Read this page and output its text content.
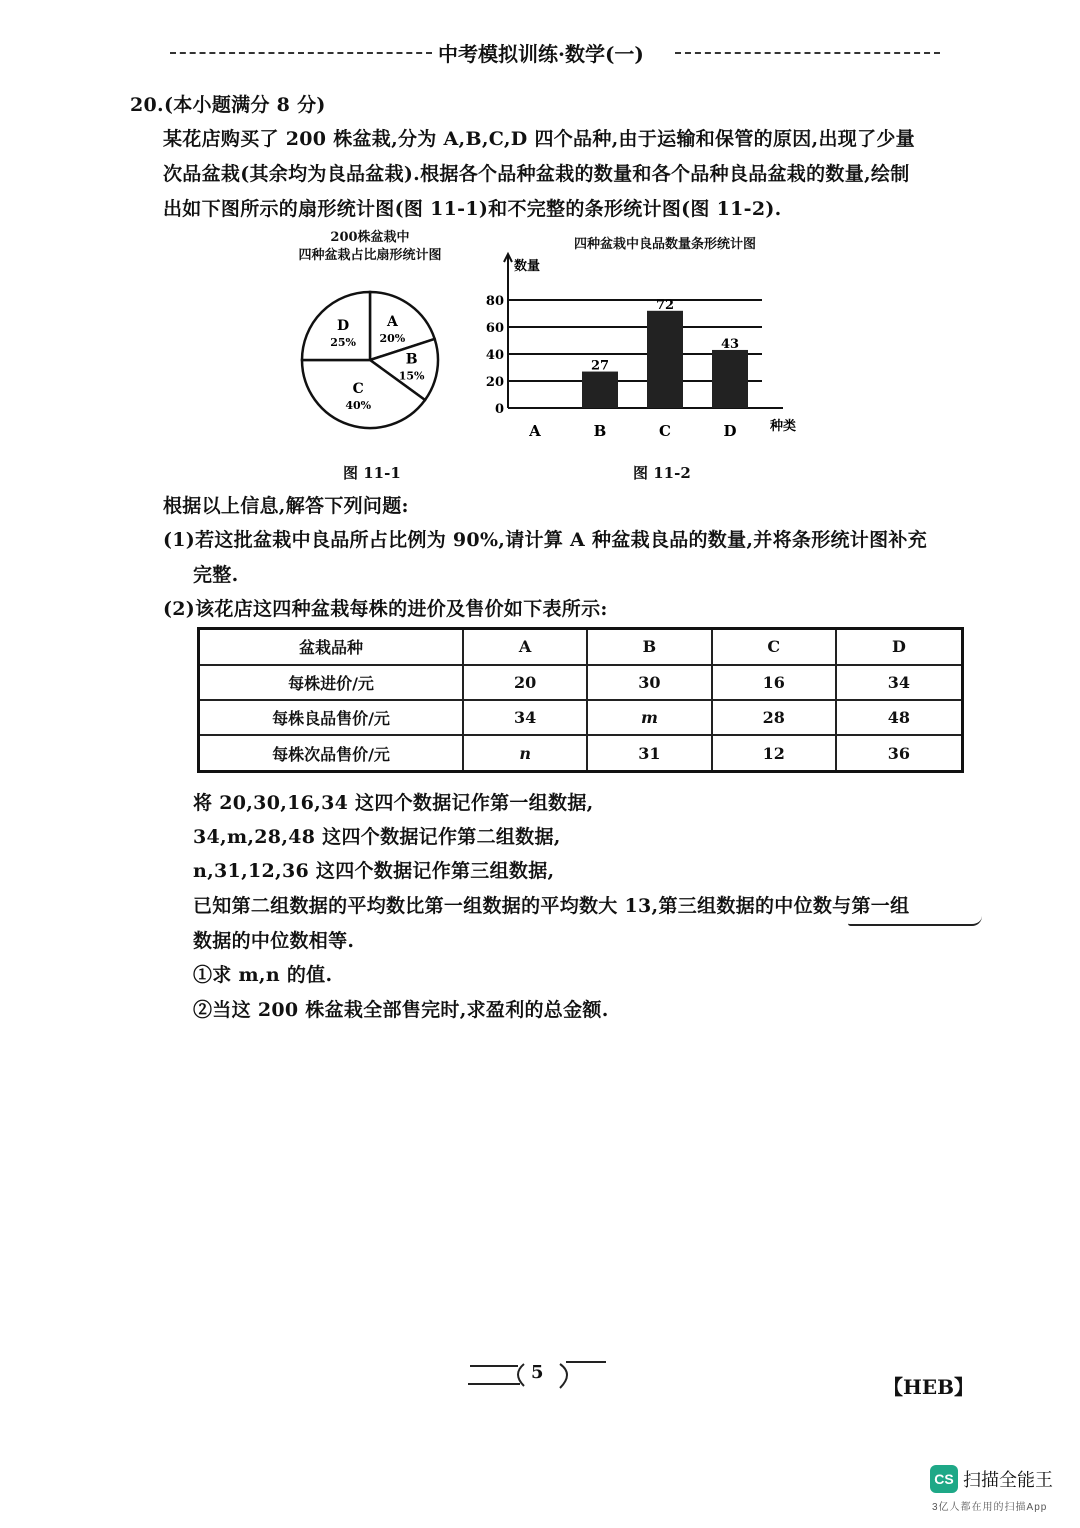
中考模拟训练·数学(一)
20.(本小题满分 8 分)
某花店购买了 200 株盆栽,分为 A,B,C,D 四个品种,由于运输和保管的原因,出现了少量
次品盆栽(其余均为良品盆栽).根据各个品种盆栽的数量和各个品种良品盆栽的数量,绘制
出如下图所示的扇形统计图(图 11-1)和不完整的条形统计图(图 11-2).
200株盆栽中
四种盆栽占比扇形统计图
A
20%
B
15%
C
40%
D
25%
图 11-1
四种盆栽中良品数量条形统计图
数量
种类
0
20
40
60
80
A
27
B
72
C
43
D
图 11-2
根据以上信息,解答下列问题:
(1)若这批盆栽中良品所占比例为 90%,请计算 A 种盆栽良品的数量,并将条形统计图补充
完整.
(2)该花店这四种盆栽每株的进价及售价如下表所示:
盆栽品种	A	B	C	D
每株进价/元	20	30	16	34
每株良品售价/元	34	m	28	48
每株次品售价/元	n	31	12	36
将 20,30,16,34 这四个数据记作第一组数据,
34,m,28,48 这四个数据记作第二组数据,
n,31,12,36 这四个数据记作第三组数据,
已知第二组数据的平均数比第一组数据的平均数大 13,第三组数据的中位数与第一组
数据的中位数相等.
①求 m,n 的值.
②当这 200 株盆栽全部售完时,求盈利的总金额.
5
【HEB】
CS 扫描全能王
3亿人都在用的扫描App
